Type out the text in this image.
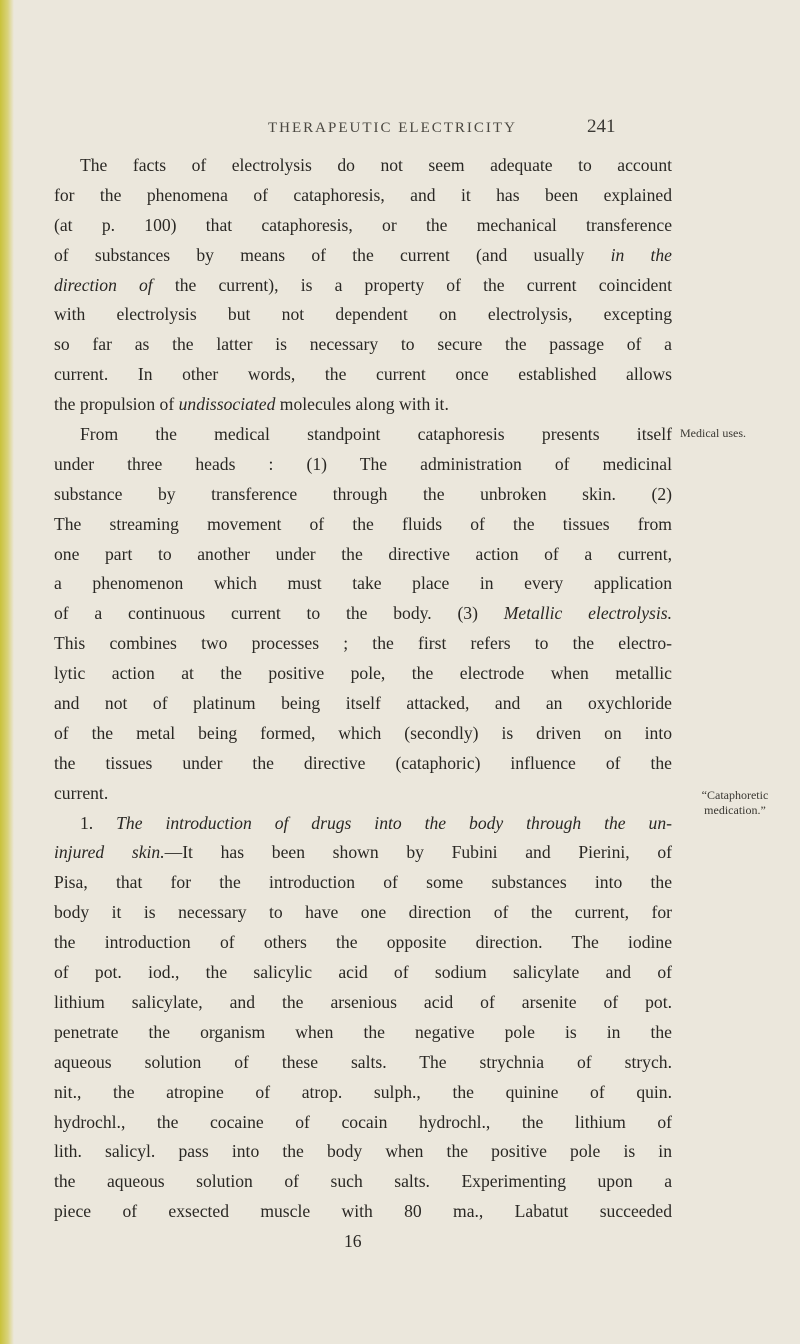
THERAPEUTIC ELECTRICITY	241
The facts of electrolysis do not seem adequate to account
for the phenomena of cataphoresis, and it has been explained
(at p. 100) that cataphoresis, or the mechanical transference
of substances by means of the current (and usually in the
direction of the current), is a property of the current coincident
with electrolysis but not dependent on electrolysis, excepting
so far as the latter is necessary to secure the passage of a
current. In other words, the current once established allows
the propulsion of undissociated molecules along with it.
From the medical standpoint cataphoresis presents itself
under three heads : (1) The administration of medicinal
substance by transference through the unbroken skin. (2)
The streaming movement of the fluids of the tissues from
one part to another under the directive action of a current,
a phenomenon which must take place in every application
of a continuous current to the body. (3) Metallic electrolysis.
This combines two processes ; the first refers to the electro-
lytic action at the positive pole, the electrode when metallic
and not of platinum being itself attacked, and an oxychloride
of the metal being formed, which (secondly) is driven on into
the tissues under the directive (cataphoric) influence of the
current.
1. The introduction of drugs into the body through the un-
injured skin.—It has been shown by Fubini and Pierini, of
Pisa, that for the introduction of some substances into the
body it is necessary to have one direction of the current, for
the introduction of others the opposite direction. The iodine
of pot. iod., the salicylic acid of sodium salicylate and of
lithium salicylate, and the arsenious acid of arsenite of pot.
penetrate the organism when the negative pole is in the
aqueous solution of these salts. The strychnia of strych.
nit., the atropine of atrop. sulph., the quinine of quin.
hydrochl., the cocaine of cocain hydrochl., the lithium of
lith. salicyl. pass into the body when the positive pole is in
the aqueous solution of such salts. Experimenting upon a
piece of exsected muscle with 80 ma., Labatut succeeded
16
Medical uses.
“Cataphoretic
medication.”
